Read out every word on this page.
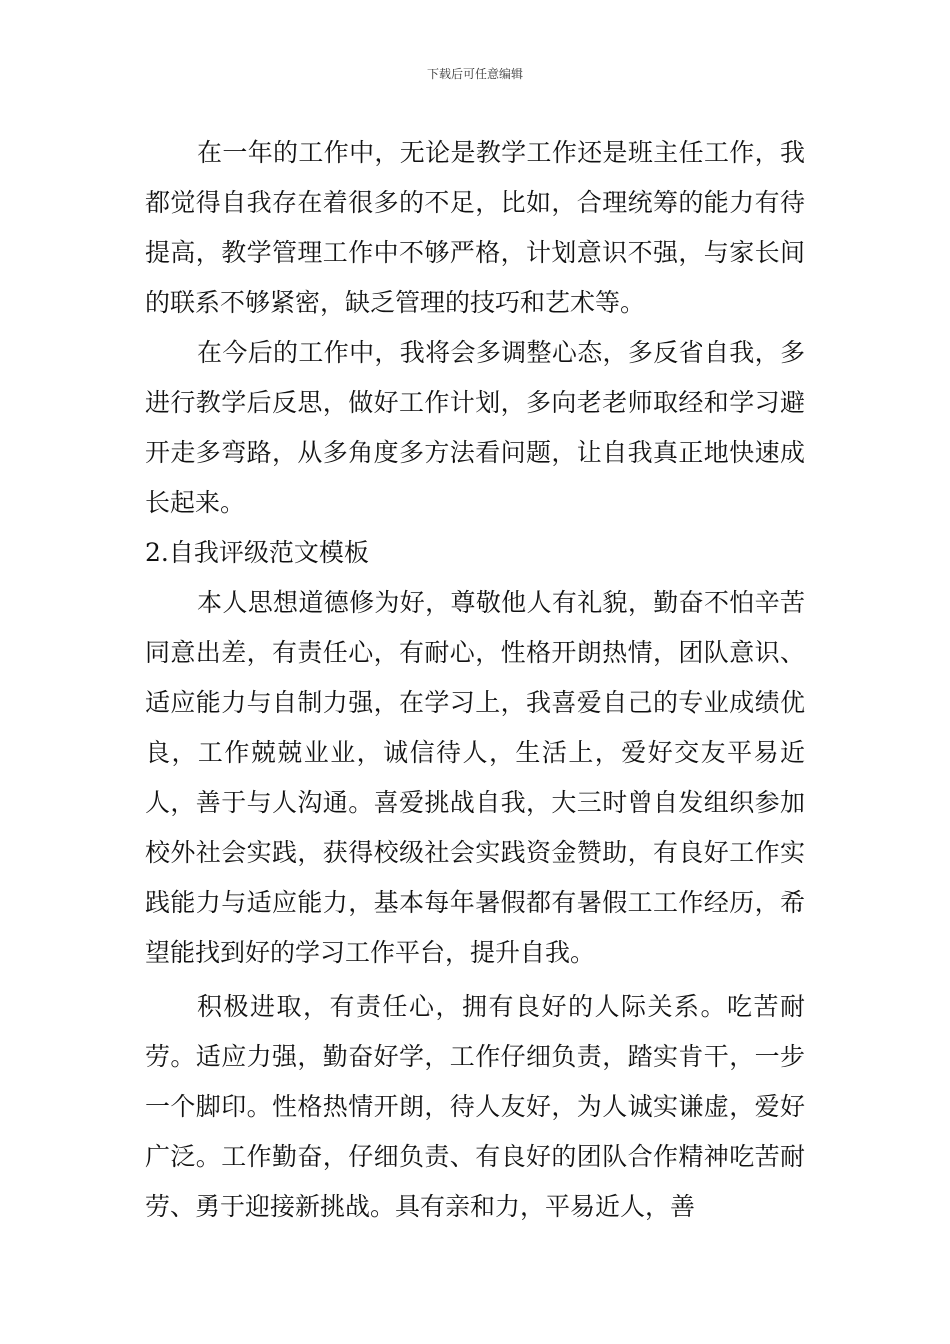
下载后可任意编辑

在一年的工作中，无论是教学工作还是班主任工作，我都觉得自我存在着很多的不足，比如，合理统筹的能力有待提高，教学管理工作中不够严格，计划意识不强，与家长间的联系不够紧密，缺乏管理的技巧和艺术等。

在今后的工作中，我将会多调整心态，多反省自我，多进行教学后反思，做好工作计划，多向老老师取经和学习避开走多弯路，从多角度多方法看问题，让自我真正地快速成长起来。

2.自我评级范文模板

本人思想道德修为好，尊敬他人有礼貌，勤奋不怕辛苦同意出差，有责任心，有耐心，性格开朗热情，团队意识、适应能力与自制力强，在学习上，我喜爱自己的专业成绩优良，工作兢兢业业，诚信待人，生活上，爱好交友平易近人，善于与人沟通。喜爱挑战自我，大三时曾自发组织参加校外社会实践，获得校级社会实践资金赞助，有良好工作实践能力与适应能力，基本每年暑假都有暑假工工作经历，希望能找到好的学习工作平台，提升自我。

积极进取，有责任心，拥有良好的人际关系。吃苦耐劳。适应力强，勤奋好学，工作仔细负责，踏实肯干，一步一个脚印。性格热情开朗，待人友好，为人诚实谦虚，爱好广泛。工作勤奋，仔细负责、有良好的团队合作精神吃苦耐劳、勇于迎接新挑战。具有亲和力，平易近人，善
